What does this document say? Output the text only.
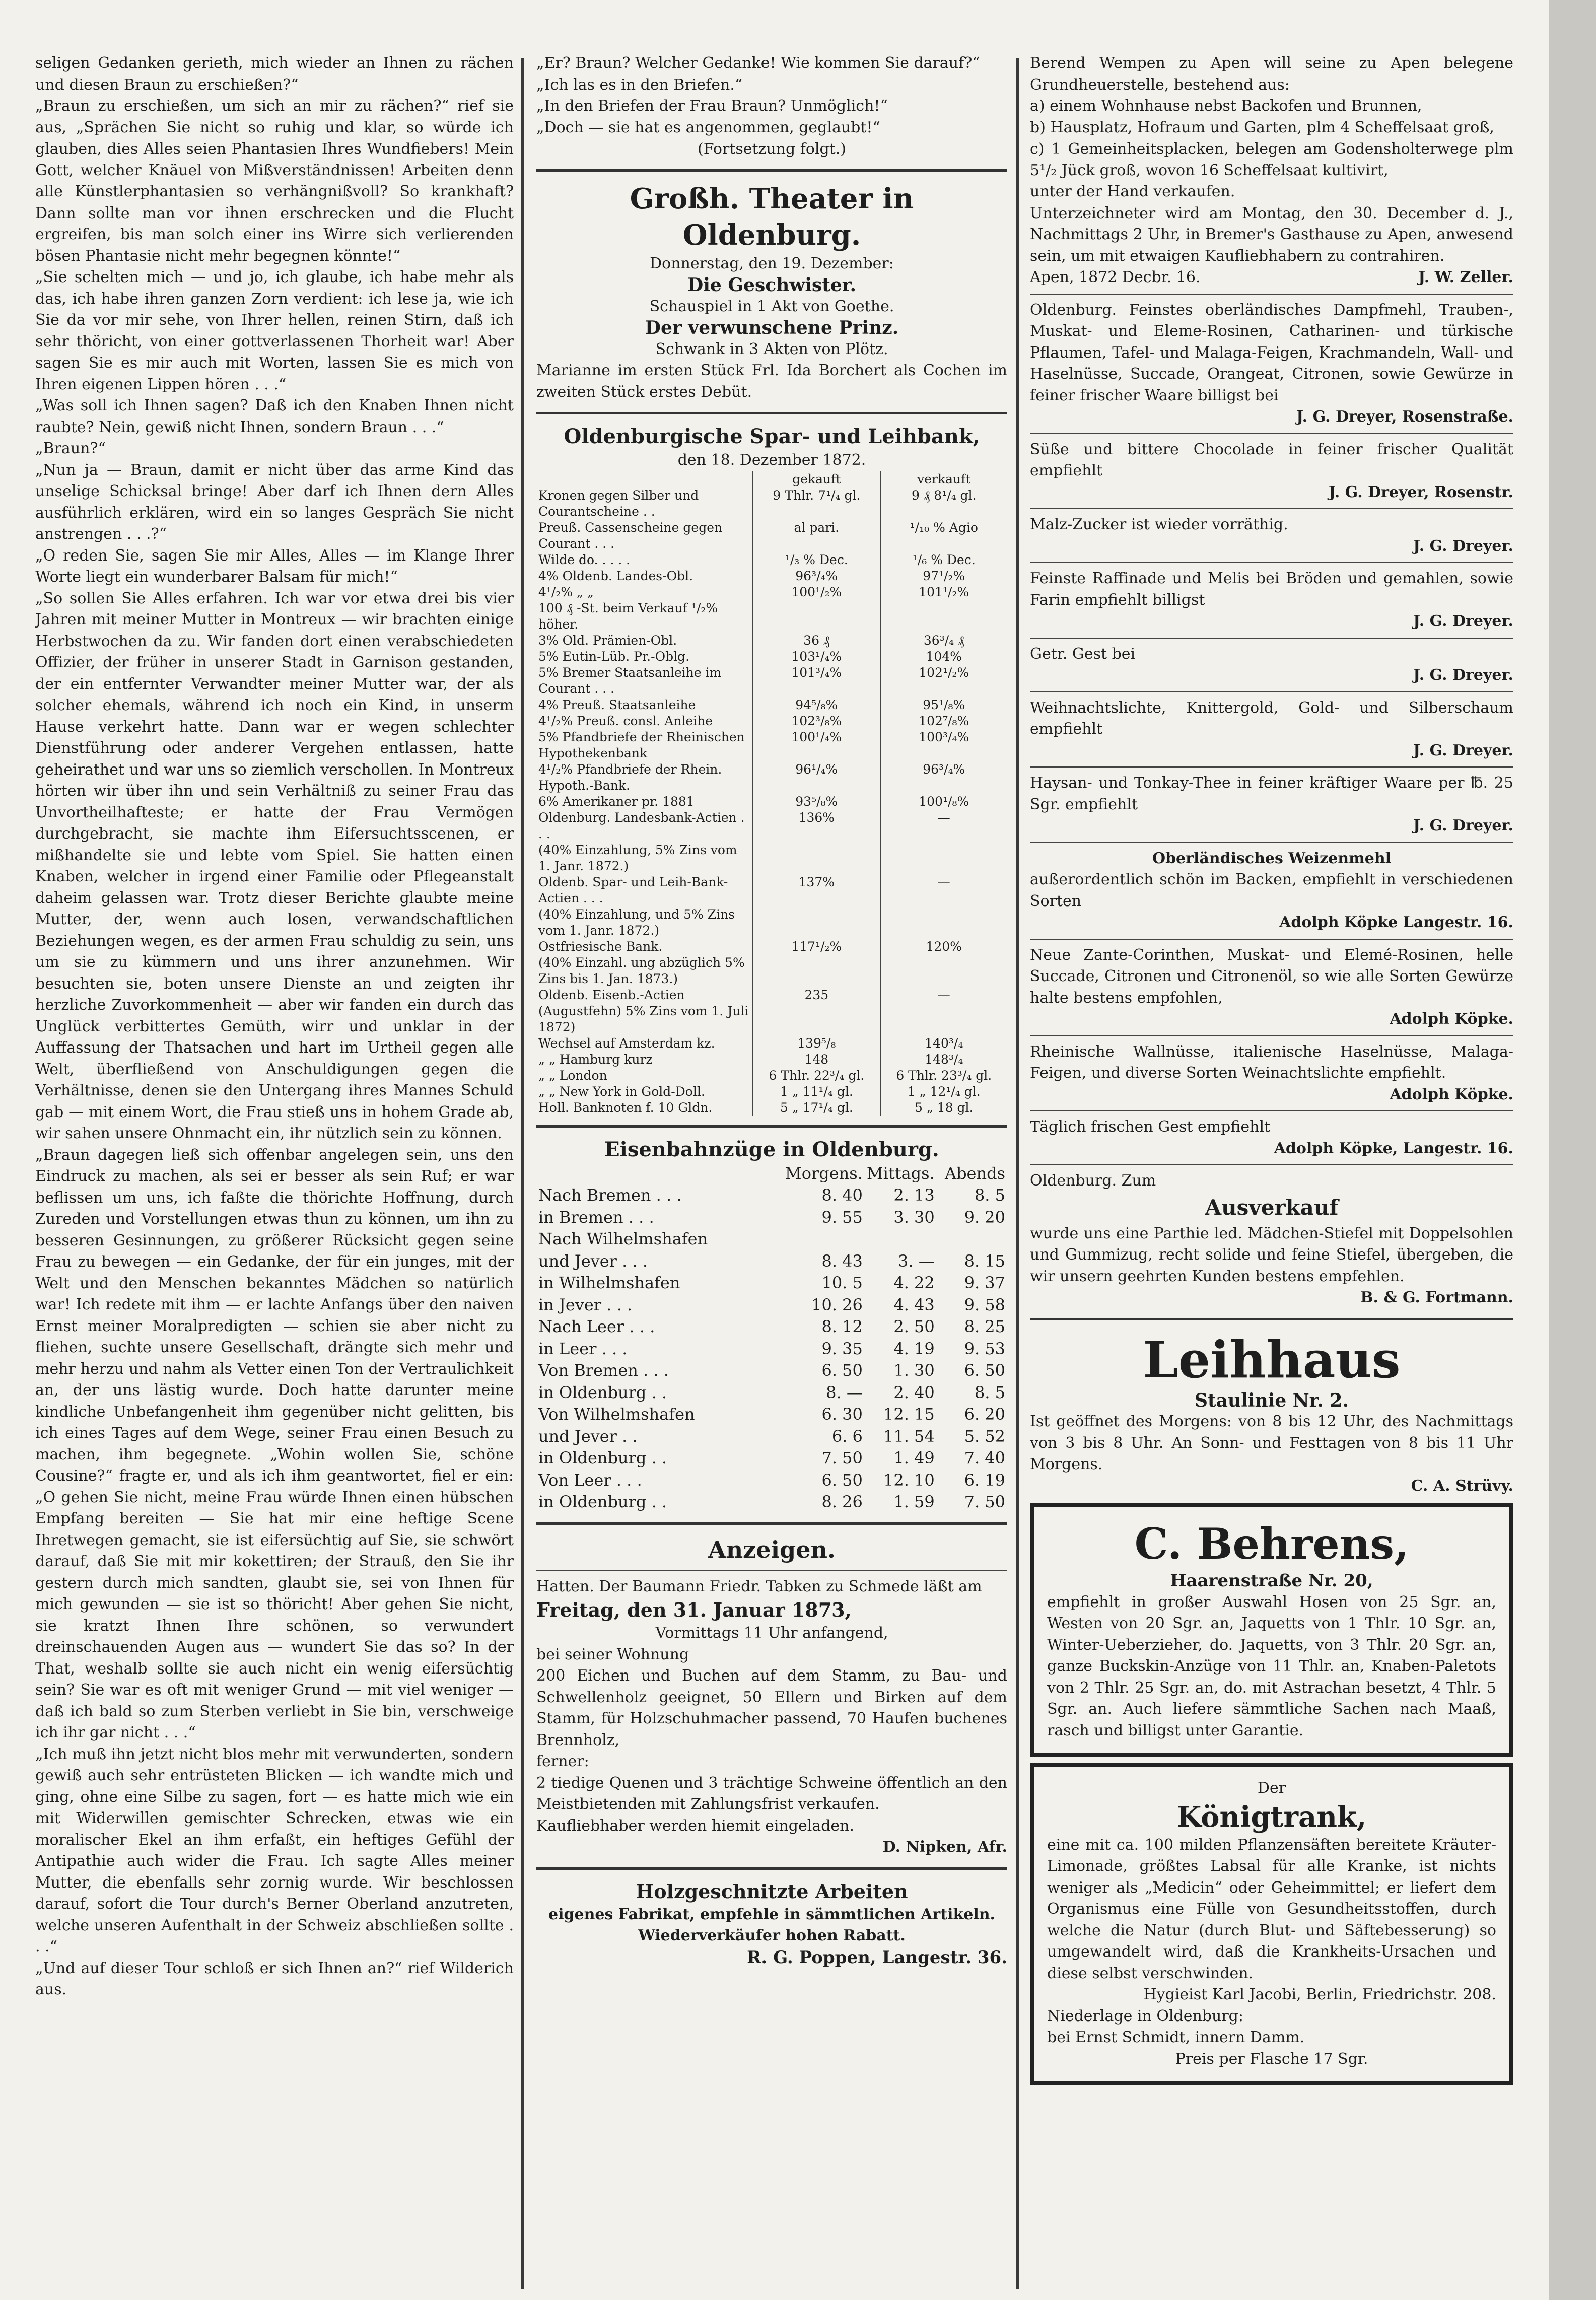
seligen Gedanken gerieth, mich wieder an Ihnen zu rächen und diesen Braun zu erschießen?“

„Braun zu erschießen, um sich an mir zu rächen?“ rief sie aus, „Sprächen Sie nicht so ruhig und klar, so würde ich glauben, dies Alles seien Phantasien Ihres Wundfiebers! Mein Gott, welcher Knäuel von Mißverständnissen! Arbeiten denn alle Künstlerphantasien so verhängnißvoll? So krankhaft? Dann sollte man vor ihnen erschrecken und die Flucht ergreifen, bis man solch einer ins Wirre sich verlierenden bösen Phantasie nicht mehr begegnen könnte!“

„Sie schelten mich — und jo, ich glaube, ich habe mehr als das, ich habe ihren ganzen Zorn verdient: ich lese ja, wie ich Sie da vor mir sehe, von Ihrer hellen, reinen Stirn, daß ich sehr thöricht, von einer gottverlassenen Thorheit war! Aber sagen Sie es mir auch mit Worten, lassen Sie es mich von Ihren eigenen Lippen hören . . .“

„Was soll ich Ihnen sagen? Daß ich den Knaben Ihnen nicht raubte? Nein, gewiß nicht Ihnen, sondern Braun . . .“

„Braun?“

„Nun ja — Braun, damit er nicht über das arme Kind das unselige Schicksal bringe! Aber darf ich Ihnen dern Alles ausführlich erklären, wird ein so langes Gespräch Sie nicht anstrengen . . .?“

„O reden Sie, sagen Sie mir Alles, Alles — im Klange Ihrer Worte liegt ein wunderbarer Balsam für mich!“

„So sollen Sie Alles erfahren. Ich war vor etwa drei bis vier Jahren mit meiner Mutter in Montreux — wir brachten einige Herbstwochen da zu. Wir fanden dort einen verabschiedeten Offizier, der früher in unserer Stadt in Garnison gestanden, der ein entfernter Verwandter meiner Mutter war, der als solcher ehemals, während ich noch ein Kind, in unserm Hause verkehrt hatte. Dann war er wegen schlechter Dienstführung oder anderer Vergehen entlassen, hatte geheirathet und war uns so ziemlich verschollen. In Montreux hörten wir über ihn und sein Verhältniß zu seiner Frau das Unvortheilhafteste; er hatte der Frau Vermögen durchgebracht, sie machte ihm Eifersuchtsscenen, er mißhandelte sie und lebte vom Spiel. Sie hatten einen Knaben, welcher in irgend einer Familie oder Pflegeanstalt daheim gelassen war. Trotz dieser Berichte glaubte meine Mutter, der, wenn auch losen, verwandschaftlichen Beziehungen wegen, es der armen Frau schuldig zu sein, uns um sie zu kümmern und uns ihrer anzunehmen. Wir besuchten sie, boten unsere Dienste an und zeigten ihr herzliche Zuvorkommenheit — aber wir fanden ein durch das Unglück verbittertes Gemüth, wirr und unklar in der Auffassung der Thatsachen und hart im Urtheil gegen alle Welt, überfließend von Anschuldigungen gegen die Verhältnisse, denen sie den Untergang ihres Mannes Schuld gab — mit einem Wort, die Frau stieß uns in hohem Grade ab, wir sahen unsere Ohnmacht ein, ihr nützlich sein zu können.

„Braun dagegen ließ sich offenbar angelegen sein, uns den Eindruck zu machen, als sei er besser als sein Ruf; er war beflissen um uns, ich faßte die thörichte Hoffnung, durch Zureden und Vorstellungen etwas thun zu können, um ihn zu besseren Gesinnungen, zu größerer Rücksicht gegen seine Frau zu bewegen — ein Gedanke, der für ein junges, mit der Welt und den Menschen bekanntes Mädchen so natürlich war! Ich redete mit ihm — er lachte Anfangs über den naiven Ernst meiner Moralpredigten — schien sie aber nicht zu fliehen, suchte unsere Gesellschaft, drängte sich mehr und mehr herzu und nahm als Vetter einen Ton der Vertraulichkeit an, der uns lästig wurde. Doch hatte darunter meine kindliche Unbefangenheit ihm gegenüber nicht gelitten, bis ich eines Tages auf dem Wege, seiner Frau einen Besuch zu machen, ihm begegnete. „Wohin wollen Sie, schöne Cousine?“ fragte er, und als ich ihm geantwortet, fiel er ein: „O gehen Sie nicht, meine Frau würde Ihnen einen hübschen Empfang bereiten — Sie hat mir eine heftige Scene Ihretwegen gemacht, sie ist eifersüchtig auf Sie, sie schwört darauf, daß Sie mit mir kokettiren; der Strauß, den Sie ihr gestern durch mich sandten, glaubt sie, sei von Ihnen für mich gewunden — sie ist so thöricht! Aber gehen Sie nicht, sie kratzt Ihnen Ihre schönen, so verwundert dreinschauenden Augen aus — wundert Sie das so? In der That, weshalb sollte sie auch nicht ein wenig eifersüchtig sein? Sie war es oft mit weniger Grund — mit viel weniger — daß ich bald so zum Sterben verliebt in Sie bin, verschweige ich ihr gar nicht . . .“

„Ich muß ihn jetzt nicht blos mehr mit verwunderten, sondern gewiß auch sehr entrüsteten Blicken — ich wandte mich und ging, ohne eine Silbe zu sagen, fort — es hatte mich wie ein mit Widerwillen gemischter Schrecken, etwas wie ein moralischer Ekel an ihm erfaßt, ein heftiges Gefühl der Antipathie auch wider die Frau. Ich sagte Alles meiner Mutter, die ebenfalls sehr zornig wurde. Wir beschlossen darauf, sofort die Tour durch's Berner Oberland anzutreten, welche unseren Aufenthalt in der Schweiz abschließen sollte . . .“

„Und auf dieser Tour schloß er sich Ihnen an?“ rief Wilderich aus.

„Er? Braun? Welcher Gedanke! Wie kommen Sie darauf?“

„Ich las es in den Briefen.“

„In den Briefen der Frau Braun? Unmöglich!“

„Doch — sie hat es angenommen, geglaubt!“

(Fortsetzung folgt.)

Großh. Theater in Oldenburg.

Donnerstag, den 19. Dezember:

Die Geschwister.

Schauspiel in 1 Akt von Goethe.

Der verwunschene Prinz.

Schwank in 3 Akten von Plötz.

Marianne im ersten Stück Frl. Ida Borchert als Cochen im zweiten Stück erstes Debüt.

Oldenburgische Spar- und Leihbank,

den 18. Dezember 1872.

	gekauft	verkauft
Kronen gegen Silber und Courantscheine . .	9 Thlr. 7¹/₄ gl.	9 ₰ 8¹/₄ gl.
Preuß. Cassenscheine gegen Courant . . .	al pari.	¹/₁₀ % Agio
Wilde do. . . . .	¹/₃ % Dec.	¹/₆ % Dec.
4% Oldenb. Landes-Obl.	96³/₄%	97¹/₂%
4¹/₂% „ „	100¹/₂%	101¹/₂%
100 ₰ -St. beim Verkauf ¹/₂% höher.		
3% Old. Prämien-Obl.	36 ₰	36³/₄ ₰
5% Eutin-Lüb. Pr.-Oblg.	103¹/₄%	104%
5% Bremer Staatsanleihe im Courant . . .	101³/₄%	102¹/₂%
4% Preuß. Staatsanleihe	94⁵/₈%	95¹/₈%
4¹/₂% Preuß. consl. Anleihe	102³/₈%	102⁷/₈%
5% Pfandbriefe der Rheinischen Hypothekenbank	100¹/₄%	100³/₄%
4¹/₂% Pfandbriefe der Rhein. Hypoth.-Bank.	96¹/₄%	96³/₄%
6% Amerikaner pr. 1881	93⁵/₈%	100¹/₈%
Oldenburg. Landesbank-Actien . . .	136%	—
(40% Einzahlung, 5% Zins vom 1. Janr. 1872.)		
Oldenb. Spar- und Leih-Bank-Actien . . .	137%	—
(40% Einzahlung, und 5% Zins vom 1. Janr. 1872.)		
Ostfriesische Bank.	117¹/₂%	120%
(40% Einzahl. ung abzüglich 5% Zins bis 1. Jan. 1873.)		
Oldenb. Eisenb.-Actien (Augustfehn) 5% Zins vom 1. Juli 1872)	235	—
Wechsel auf Amsterdam kz.	139⁵/₈	140³/₄
„ „ Hamburg kurz	148	148³/₄
„ „ London	6 Thlr. 22³/₄ gl.	6 Thlr. 23³/₄ gl.
„ „ New York in Gold-Doll.	1 „ 11¹/₄ gl.	1 „ 12¹/₄ gl.
Holl. Banknoten f. 10 Gldn.	5 „ 17¹/₄ gl.	5 „ 18 gl.

Eisenbahnzüge in Oldenburg.

	Morgens.	Mittags.	Abends
Nach Bremen . . .	8. 40	2. 13	8. 5
in Bremen . . .	9. 55	3. 30	9. 20
Nach Wilhelmshafen			
und Jever . . .	8. 43	3. —	8. 15
in Wilhelmshafen	10. 5	4. 22	9. 37
in Jever . . .	10. 26	4. 43	9. 58
Nach Leer . . .	8. 12	2. 50	8. 25
in Leer . . .	9. 35	4. 19	9. 53
Von Bremen . . .	6. 50	1. 30	6. 50
in Oldenburg . .	8. —	2. 40	8. 5
Von Wilhelmshafen	6. 30	12. 15	6. 20
und Jever . .	6. 6	11. 54	5. 52
in Oldenburg . .	7. 50	1. 49	7. 40
Von Leer . . .	6. 50	12. 10	6. 19
in Oldenburg . .	8. 26	1. 59	7. 50

Anzeigen.

Hatten. Der Baumann Friedr. Tabken zu Schmede läßt am

Freitag, den 31. Januar 1873,

Vormittags 11 Uhr anfangend,

bei seiner Wohnung

200 Eichen und Buchen auf dem Stamm, zu Bau- und Schwellenholz geeignet, 50 Ellern und Birken auf dem Stamm, für Holzschuhmacher passend, 70 Haufen buchenes Brennholz,

ferner:

2 tiedige Quenen und 3 trächtige Schweine öffentlich an den Meistbietenden mit Zahlungsfrist verkaufen.

Kaufliebhaber werden hiemit eingeladen.

D. Nipken, Afr.

Holzgeschnitzte Arbeiten

eigenes Fabrikat, empfehle in sämmtlichen Artikeln.

Wiederverkäufer hohen Rabatt.

R. G. Poppen, Langestr. 36.

Berend Wempen zu Apen will seine zu Apen belegene Grundheuerstelle, bestehend aus:

a) einem Wohnhause nebst Backofen und Brunnen,

b) Hausplatz, Hofraum und Garten, plm 4 Scheffelsaat groß,

c) 1 Gemeinheitsplacken, belegen am Godensholterwege plm 5¹/₂ Jück groß, wovon 16 Scheffelsaat kultivirt,

unter der Hand verkaufen.

Unterzeichneter wird am Montag, den 30. December d. J., Nachmittags 2 Uhr, in Bremer's Gasthause zu Apen, anwesend sein, um mit etwaigen Kaufliebhabern zu contrahiren.

Apen, 1872 Decbr. 16.	J. W. Zeller.

Oldenburg. Feinstes oberländisches Dampfmehl, Trauben-, Muskat- und Eleme-Rosinen, Catharinen- und türkische Pflaumen, Tafel- und Malaga-Feigen, Krachmandeln, Wall- und Haselnüsse, Succade, Orangeat, Citronen, sowie Gewürze in feiner frischer Waare billigst bei

J. G. Dreyer, Rosenstraße.

Süße und bittere Chocolade in feiner frischer Qualität empfiehlt

J. G. Dreyer, Rosenstr.

Malz-Zucker ist wieder vorräthig.

J. G. Dreyer.

Feinste Raffinade und Melis bei Bröden und gemahlen, sowie Farin empfiehlt billigst

J. G. Dreyer.

Getr. Gest bei

J. G. Dreyer.

Weihnachtslichte, Knittergold, Gold- und Silberschaum empfiehlt

J. G. Dreyer.

Haysan- und Tonkay-Thee in feiner kräftiger Waare per ℔. 25 Sgr. empfiehlt

J. G. Dreyer.

Oberländisches Weizenmehl

außerordentlich schön im Backen, empfiehlt in verschiedenen Sorten

Adolph Köpke Langestr. 16.

Neue Zante-Corinthen, Muskat- und Elemé-Rosinen, helle Succade, Citronen und Citronenöl, so wie alle Sorten Gewürze halte bestens empfohlen,

Adolph Köpke.

Rheinische Wallnüsse, italienische Haselnüsse, Malaga-Feigen, und diverse Sorten Weinachtslichte empfiehlt.

Adolph Köpke.

Täglich frischen Gest empfiehlt

Adolph Köpke, Langestr. 16.

Oldenburg. Zum

Ausverkauf

wurde uns eine Parthie led. Mädchen-Stiefel mit Doppelsohlen und Gummizug, recht solide und feine Stiefel, übergeben, die wir unsern geehrten Kunden bestens empfehlen.

B. & G. Fortmann.

Leihhaus

Staulinie Nr. 2.

Ist geöffnet des Morgens: von 8 bis 12 Uhr, des Nachmittags von 3 bis 8 Uhr. An Sonn- und Festtagen von 8 bis 11 Uhr Morgens.

C. A. Strüvy.

C. Behrens,

Haarenstraße Nr. 20,

empfiehlt in großer Auswahl Hosen von 25 Sgr. an, Westen von 20 Sgr. an, Jaquetts von 1 Thlr. 10 Sgr. an, Winter-Ueberzieher, do. Jaquetts, von 3 Thlr. 20 Sgr. an, ganze Buckskin-Anzüge von 11 Thlr. an, Knaben-Paletots von 2 Thlr. 25 Sgr. an, do. mit Astrachan besetzt, 4 Thlr. 5 Sgr. an. Auch liefere sämmtliche Sachen nach Maaß, rasch und billigst unter Garantie.

Der

Königtrank,

eine mit ca. 100 milden Pflanzensäften bereitete Kräuter-Limonade, größtes Labsal für alle Kranke, ist nichts weniger als „Medicin“ oder Geheimmittel; er liefert dem Organismus eine Fülle von Gesundheitsstoffen, durch welche die Natur (durch Blut- und Säftebesserung) so umgewandelt wird, daß die Krankheits-Ursachen und diese selbst verschwinden.

Hygieist Karl Jacobi, Berlin, Friedrichstr. 208.

Niederlage in Oldenburg:

bei Ernst Schmidt, innern Damm.

Preis per Flasche 17 Sgr.
